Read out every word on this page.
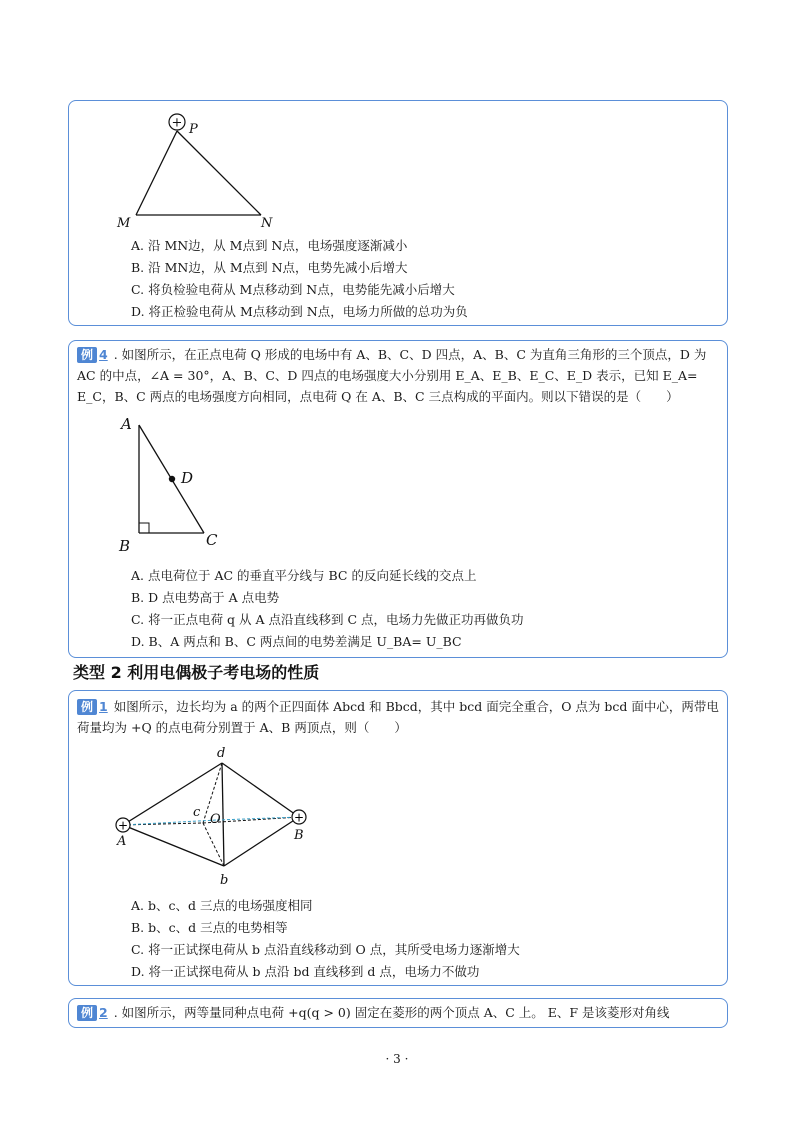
+ P
M	N
A. 沿 MN边，从 M点到 N点，电场强度逐渐减小
B. 沿 MN边，从 M点到 N点，电势先减小后增大
C. 将负检验电荷从 M点移动到 N点，电势能先减小后增大
D. 将正检验电荷从 M点移动到 N点，电场力所做的总功为负
例 4 . 如图所示，在正点电荷 Q 形成的电场中有 A、B、C、D 四点，A、B、C 为直角三角形的三个顶点，D 为 AC 的中点，∠A = 30°，A、B、C、D 四点的电场强度大小分别用 E_A、E_B、E_C、E_D 表示，已知 E_A= E_C，B、C 两点的电场强度方向相同，点电荷 Q 在 A、B、C 三点构成的平面内。则以下错误的是（　　）
A
D
B	C
A. 点电荷位于 AC 的垂直平分线与 BC 的反向延长线的交点上
B. D 点电势高于 A 点电势
C. 将一正点电荷 q 从 A 点沿直线移到 C 点，电场力先做正功再做负功
D. B、A 两点和 B、C 两点间的电势差满足 U_BA= U_BC
类型 2 利用电偶极子考电场的性质
例 1 如图所示，边长均为 a 的两个正四面体 Abcd 和 Bbcd，其中 bcd 面完全重合，O 点为 bcd 面中心，两带电荷量均为 +Q 的点电荷分别置于 A、B 两顶点，则（　　）
+
+
d
c O
A	B
b
A. b、c、d 三点的电场强度相同
B. b、c、d 三点的电势相等
C. 将一正试探电荷从 b 点沿直线移动到 O 点，其所受电场力逐渐增大
D. 将一正试探电荷从 b 点沿 bd 直线移到 d 点，电场力不做功
例 2 . 如图所示，两等量同种点电荷 +q(q > 0) 固定在菱形的两个顶点 A、C 上。 E、F 是该菱形对角线
· 3 ·
